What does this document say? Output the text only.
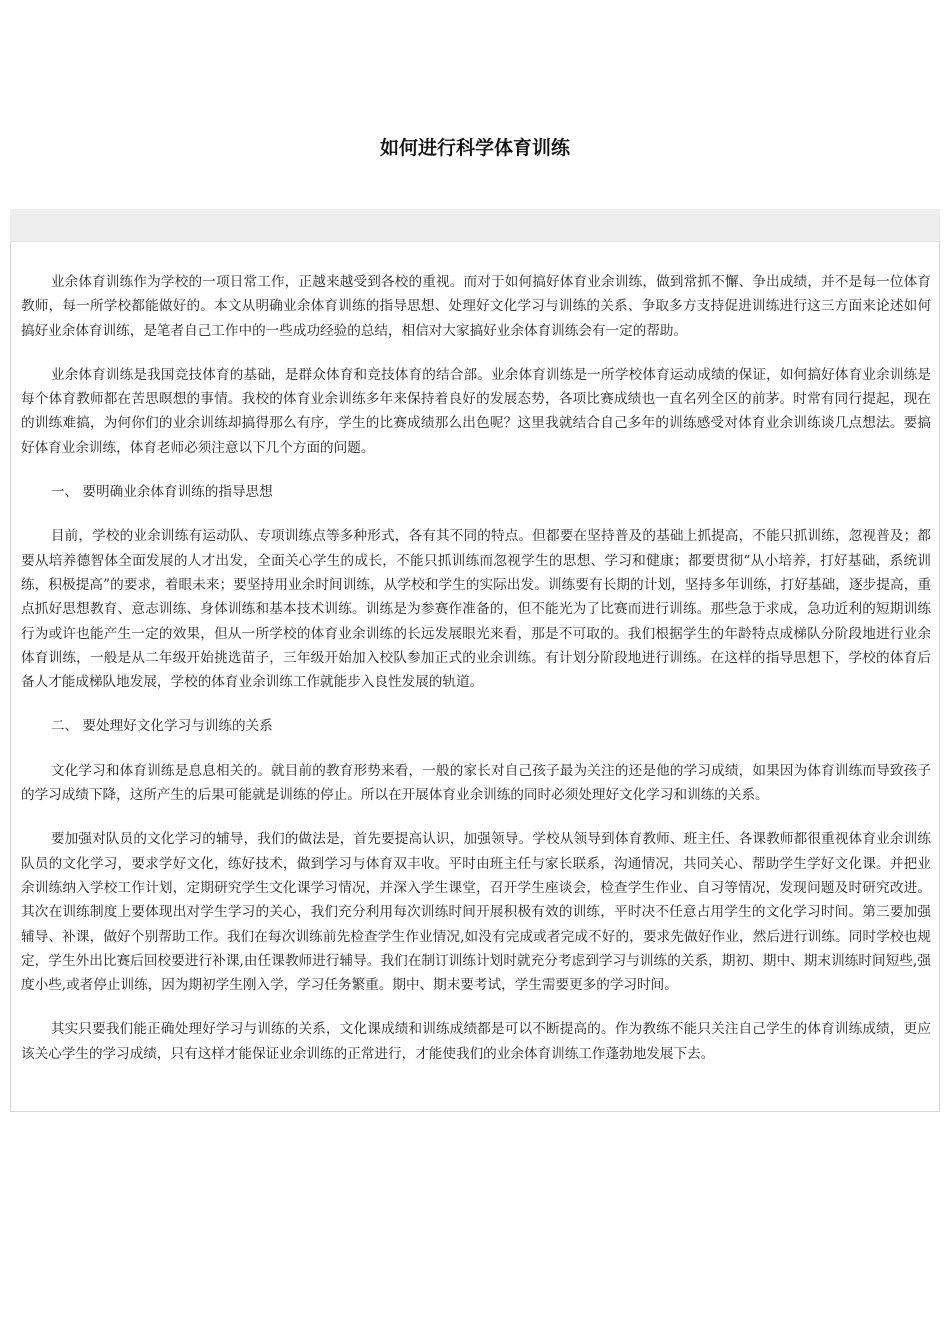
如何进行科学体育训练

业余体育训练作为学校的一项日常工作，正越来越受到各校的重视。而对于如何搞好体育业余训练，做到常抓不懈、争出成绩，并不是每一位体育教师，每一所学校都能做好的。本文从明确业余体育训练的指导思想、处理好文化学习与训练的关系、争取多方支持促进训练进行这三方面来论述如何搞好业余体育训练，是笔者自己工作中的一些成功经验的总结，相信对大家搞好业余体育训练会有一定的帮助。

业余体育训练是我国竞技体育的基础，是群众体育和竞技体育的结合部。业余体育训练是一所学校体育运动成绩的保证，如何搞好体育业余训练是每个体育教师都在苦思暝想的事情。我校的体育业余训练多年来保持着良好的发展态势，各项比赛成绩也一直名列全区的前茅。时常有同行提起，现在的训练难搞，为何你们的业余训练却搞得那么有序，学生的比赛成绩那么出色呢？这里我就结合自己多年的训练感受对体育业余训练谈几点想法。要搞好体育业余训练，体育老师必须注意以下几个方面的问题。

一、 要明确业余体育训练的指导思想

目前，学校的业余训练有运动队、专项训练点等多种形式，各有其不同的特点。但都要在坚持普及的基础上抓提高，不能只抓训练，忽视普及；都要从培养德智体全面发展的人才出发，全面关心学生的成长，不能只抓训练而忽视学生的思想、学习和健康；都要贯彻“从小培养，打好基础，系统训练，积极提高”的要求，着眼未来；要坚持用业余时间训练，从学校和学生的实际出发。训练要有长期的计划，坚持多年训练，打好基础，逐步提高，重点抓好思想教育、意志训练、身体训练和基本技术训练。训练是为参赛作准备的，但不能光为了比赛而进行训练。那些急于求成，急功近利的短期训练行为或许也能产生一定的效果，但从一所学校的体育业余训练的长远发展眼光来看，那是不可取的。我们根据学生的年龄特点成梯队分阶段地进行业余体育训练，一般是从二年级开始挑选苗子，三年级开始加入校队参加正式的业余训练。有计划分阶段地进行训练。在这样的指导思想下，学校的体育后备人才能成梯队地发展，学校的体育业余训练工作就能步入良性发展的轨道。

二、 要处理好文化学习与训练的关系

文化学习和体育训练是息息相关的。就目前的教育形势来看，一般的家长对自己孩子最为关注的还是他的学习成绩，如果因为体育训练而导致孩子的学习成绩下降，这所产生的后果可能就是训练的停止。所以在开展体育业余训练的同时必须处理好文化学习和训练的关系。

要加强对队员的文化学习的辅导，我们的做法是，首先要提高认识，加强领导。学校从领导到体育教师、班主任、各课教师都很重视体育业余训练队员的文化学习，要求学好文化，练好技术，做到学习与体育双丰收。平时由班主任与家长联系，沟通情况，共同关心、帮助学生学好文化课。并把业余训练纳入学校工作计划，定期研究学生文化课学习情况，并深入学生课堂，召开学生座谈会，检查学生作业、自习等情况，发现问题及时研究改进。其次在训练制度上要体现出对学生学习的关心，我们充分利用每次训练时间开展积极有效的训练，平时决不任意占用学生的文化学习时间。第三要加强辅导、补课，做好个别帮助工作。我们在每次训练前先检查学生作业情况,如没有完成或者完成不好的，要求先做好作业，然后进行训练。同时学校也规定，学生外出比赛后回校要进行补课,由任课教师进行辅导。我们在制订训练计划时就充分考虑到学习与训练的关系，期初、期中、期末训练时间短些,强度小些,或者停止训练，因为期初学生刚入学，学习任务繁重。期中、期末要考试，学生需要更多的学习时间。

其实只要我们能正确处理好学习与训练的关系，文化课成绩和训练成绩都是可以不断提高的。作为教练不能只关注自己学生的体育训练成绩，更应该关心学生的学习成绩，只有这样才能保证业余训练的正常进行，才能使我们的业余体育训练工作蓬勃地发展下去。
